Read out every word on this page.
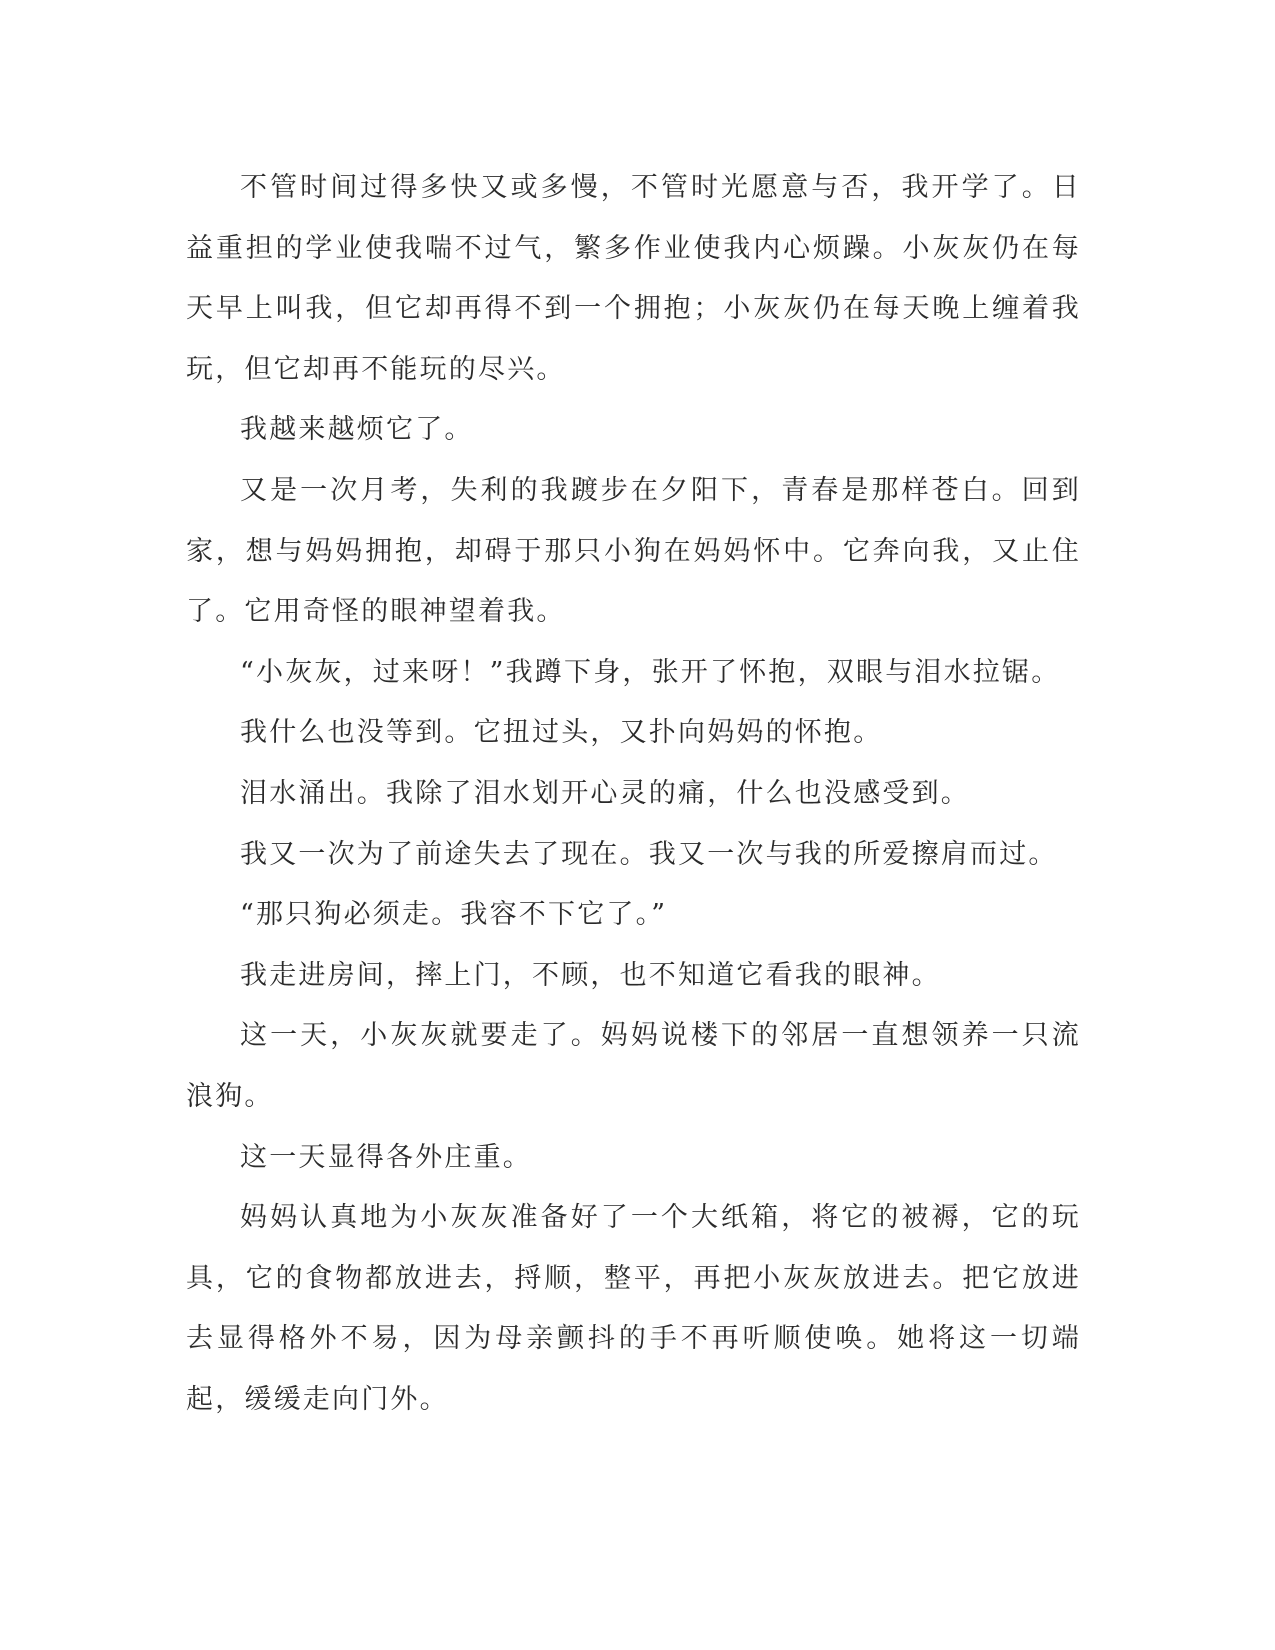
不管时间过得多快又或多慢，不管时光愿意与否，我开学了。日益重担的学业使我喘不过气，繁多作业使我内心烦躁。小灰灰仍在每天早上叫我，但它却再得不到一个拥抱；小灰灰仍在每天晚上缠着我玩，但它却再不能玩的尽兴。

我越来越烦它了。

又是一次月考，失利的我踱步在夕阳下，青春是那样苍白。回到家，想与妈妈拥抱，却碍于那只小狗在妈妈怀中。它奔向我，又止住了。它用奇怪的眼神望着我。

“小灰灰，过来呀！”我蹲下身，张开了怀抱，双眼与泪水拉锯。

我什么也没等到。它扭过头，又扑向妈妈的怀抱。

泪水涌出。我除了泪水划开心灵的痛，什么也没感受到。

我又一次为了前途失去了现在。我又一次与我的所爱擦肩而过。

“那只狗必须走。我容不下它了。”

我走进房间，摔上门，不顾，也不知道它看我的眼神。

这一天，小灰灰就要走了。妈妈说楼下的邻居一直想领养一只流浪狗。

这一天显得各外庄重。

妈妈认真地为小灰灰准备好了一个大纸箱，将它的被褥，它的玩具，它的食物都放进去，捋顺，整平，再把小灰灰放进去。把它放进去显得格外不易，因为母亲颤抖的手不再听顺使唤。她将这一切端起，缓缓走向门外。
